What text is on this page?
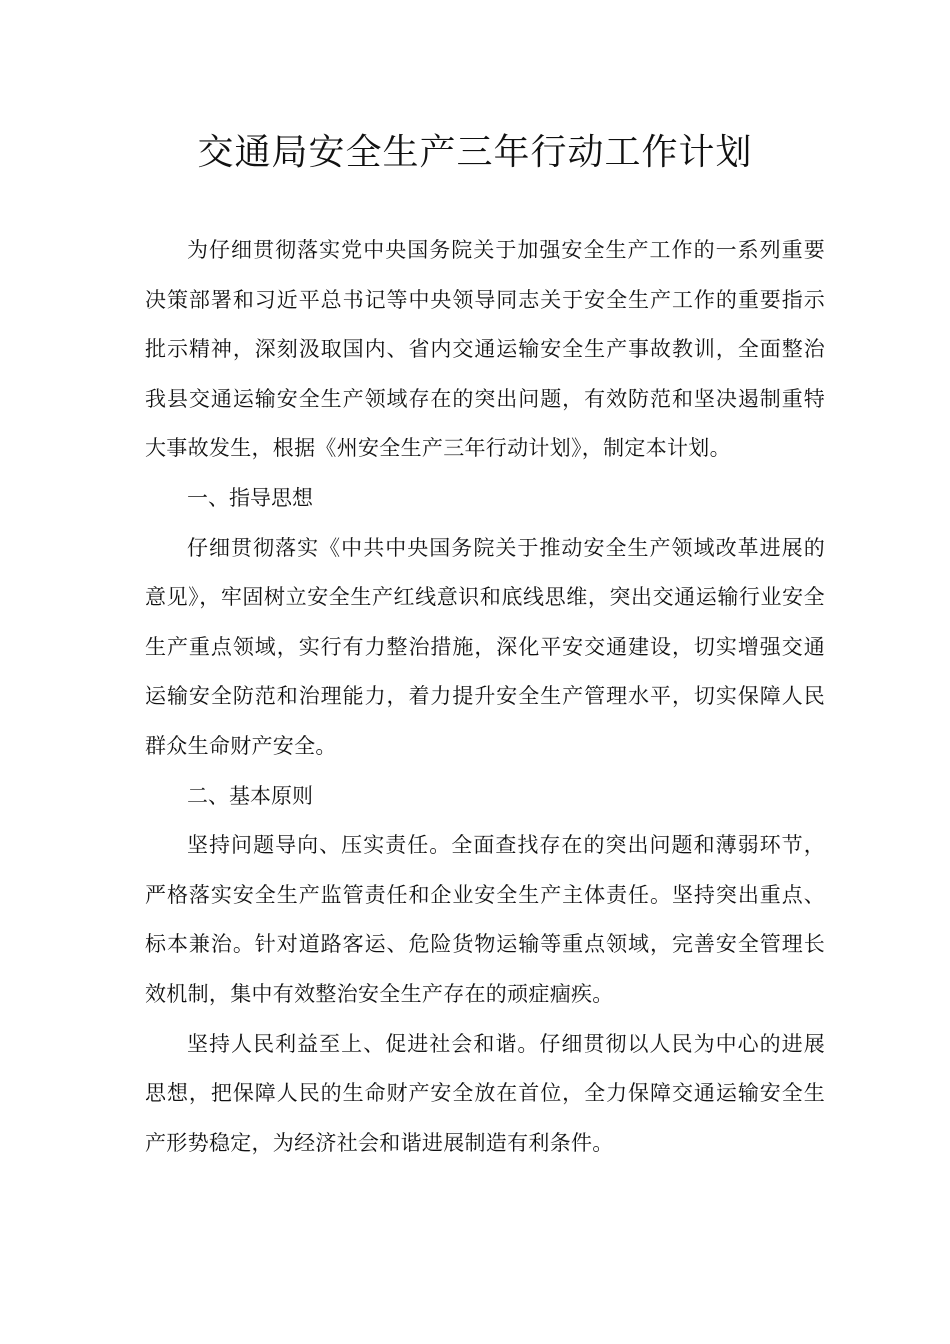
交通局安全生产三年行动工作计划

为仔细贯彻落实党中央国务院关于加强安全生产工作的一系列重要决策部署和习近平总书记等中央领导同志关于安全生产工作的重要指示批示精神，深刻汲取国内、省内交通运输安全生产事故教训，全面整治我县交通运输安全生产领域存在的突出问题，有效防范和坚决遏制重特大事故发生，根据《州安全生产三年行动计划》，制定本计划。

一、指导思想

仔细贯彻落实《中共中央国务院关于推动安全生产领域改革进展的意见》，牢固树立安全生产红线意识和底线思维，突出交通运输行业安全生产重点领域，实行有力整治措施，深化平安交通建设，切实增强交通运输安全防范和治理能力，着力提升安全生产管理水平，切实保障人民群众生命财产安全。

二、基本原则

坚持问题导向、压实责任。全面查找存在的突出问题和薄弱环节，严格落实安全生产监管责任和企业安全生产主体责任。坚持突出重点、标本兼治。针对道路客运、危险货物运输等重点领域，完善安全管理长效机制，集中有效整治安全生产存在的顽症痼疾。

坚持人民利益至上、促进社会和谐。仔细贯彻以人民为中心的进展思想，把保障人民的生命财产安全放在首位，全力保障交通运输安全生产形势稳定，为经济社会和谐进展制造有利条件。
